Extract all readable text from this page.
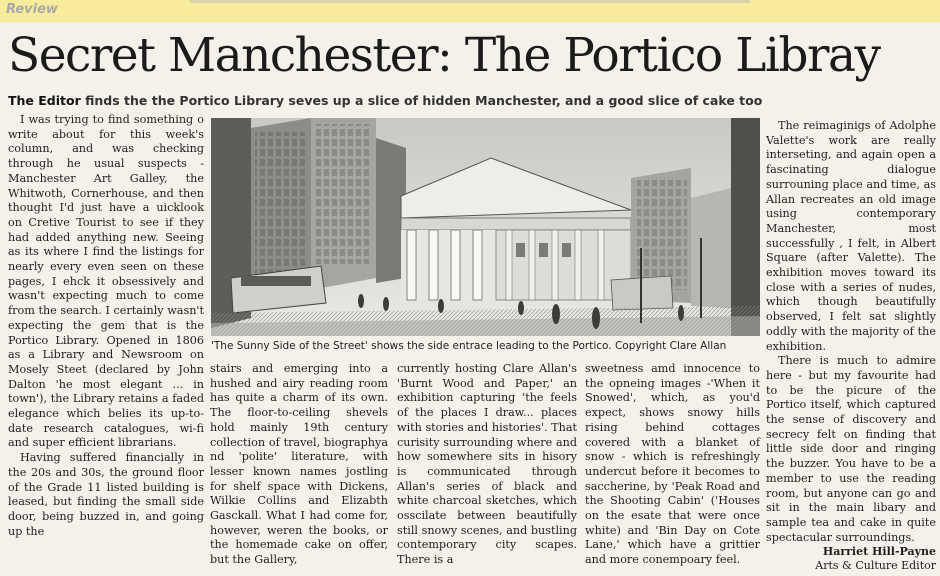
Review
Secret Manchester: The Portico Libray
The Editor finds the the Portico Library seves up a slice of hidden Manchester, and a good slice of cake too

I was trying to find something o write about for this week's column, and was checking through he usual suspects - Manchester Art Galley, the Whitwoth, Cornerhouse, and then thought I'd just have a uicklook on Cretive Tourist to see if they had added anything new. Seeing as its where I find the listings for nearly every even seen on these pages, I ehck it obsessively and wasn't expecting much to come from the search. I certainly wasn't expecting the gem that is the Portico Library. Opened in 1806 as a Library and Newsroom on Mosely Steet (declared by John Dalton 'he most elegant ... in town'), the Library retains a faded elegance which belies its up-to-date research catalogues, wi-fi and super efficient librarians.

Having suffered financially in the 20s and 30s, the ground floor of the Grade 11 listed building is leased, but finding the small side door, being buzzed in, and going up the

'The Sunny Side of the Street' shows the side entrace leading to the Portico. Copyright Clare Allan

stairs and emerging into a hushed and airy reading room has quite a charm of its own. The floor-to-ceiling shevels hold mainly 19th century collection of travel, biographya nd 'polite' literature, with lesser known names jostling for shelf space with Dickens, Wilkie Collins and Elizabth Gasckall. What I had come for, however, weren the books, or the homemade cake on offer, but the Gallery,

currently hosting Clare Allan's 'Burnt Wood and Paper,' an exhibition capturing 'the feels of the places I draw... places with stories and histories'. That curisity surrounding where and how somewhere sits in hisory is communicated through Allan's series of black and white charcoal sketches, which osscilate between beautifully still snowy scenes, and bustling contemporary city scapes. There is a

sweetness amd innocence to the opneing images -'When it Snowed', which, as you'd expect, shows snowy hills rising behind cottages covered with a blanket of snow - which is refreshingly undercut before it becomes to saccherine, by 'Peak Road and the Shooting Cabin' ('Houses on the esate that were once white) and 'Bin Day on Cote Lane,' which have a grittier and more conempoary feel.

The reimaginigs of Adolphe Valette's work are really interseting, and again open a fascinating dialogue surrouning place and time, as Allan recreates an old image using contemporary Manchester, most successfully , I felt, in Albert Square (after Valette). The exhibition moves toward its close with a series of nudes, which though beautifully observed, I felt sat slightly oddly with the majority of the exhibition.

There is much to admire here - but my favourite had to be the picure of the Portico itself, which captured the sense of discovery and secrecy felt on finding that little side door and ringing the buzzer. You have to be a member to use the reading room, but anyone can go and sit in the main libary and sample tea and cake in quite spectacular surroundings.

Harriet Hill-Payne
Arts & Culture Editor
